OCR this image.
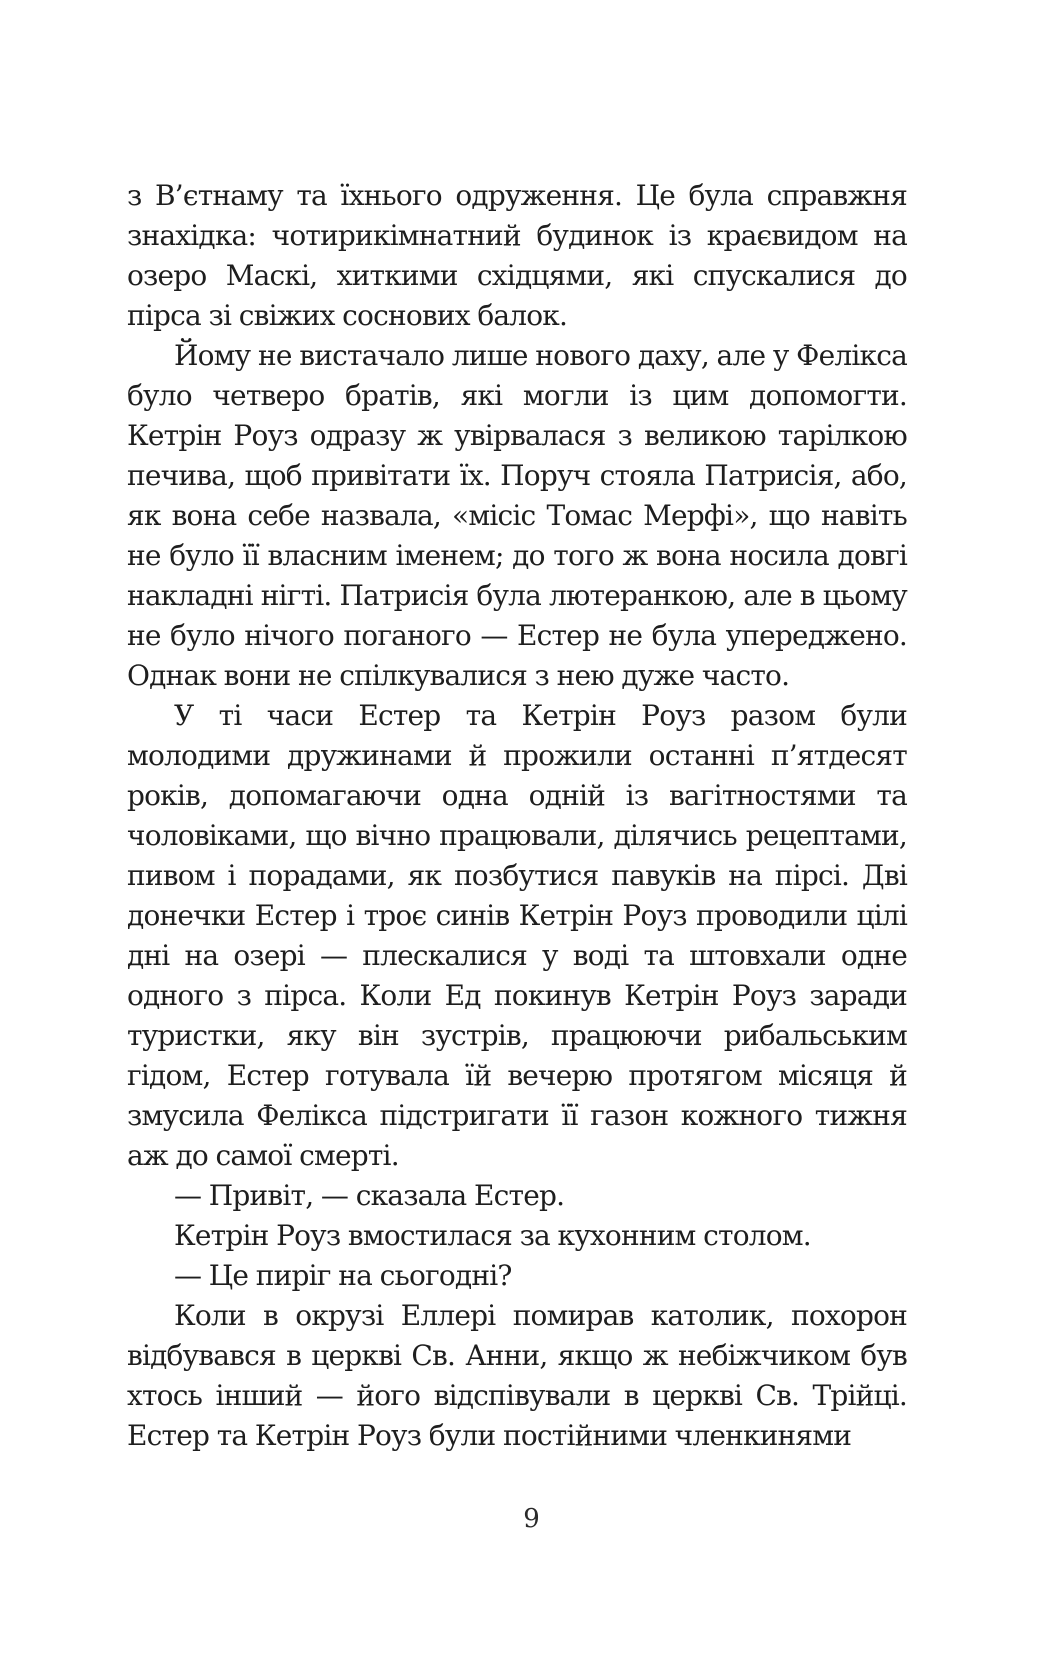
з В’єтнаму та їхнього одруження. Це була справжня знахідка: чотирикімнатний будинок із краєвидом на озеро Маскі, хиткими східцями, які спускалися до пірса зі свіжих соснових балок.

Йому не вистачало лише нового даху, але у Фелікса було четверо братів, які могли із цим допомогти. Кетрін Роуз одразу ж увірвалася з великою тарілкою печива, щоб привітати їх. Поруч стояла Патрисія, або, як вона себе назвала, «місіс Томас Мерфі», що навіть не було її власним іменем; до того ж вона носила довгі накладні нігті. Патрисія була лютеранкою, але в цьому не було нічого поганого — Естер не була упереджено. Однак вони не спілкувалися з нею дуже часто.

У ті часи Естер та Кетрін Роуз разом були молодими дружинами й прожили останні п’ятдесят років, допомагаючи одна одній із вагітностями та чоловіками, що вічно працювали, ділячись рецептами, пивом і порадами, як позбутися павуків на пірсі. Дві донечки Естер і троє синів Кетрін Роуз проводили цілі дні на озері — плескалися у воді та штовхали одне одного з пірса. Коли Ед покинув Кетрін Роуз заради туристки, яку він зустрів, працюючи рибальським гідом, Естер готувала їй вечерю протягом місяця й змусила Фелікса підстригати її газон кожного тижня аж до самої смерті.

— Привіт, — сказала Естер.

Кетрін Роуз вмостилася за кухонним столом.

— Це пиріг на сьогодні?

Коли в окрузі Еллері помирав католик, похорон відбувався в церкві Св. Анни, якщо ж небіжчиком був хтось інший — його відспівували в церкві Св. Трійці. Естер та Кетрін Роуз були постійними членкинями

9
